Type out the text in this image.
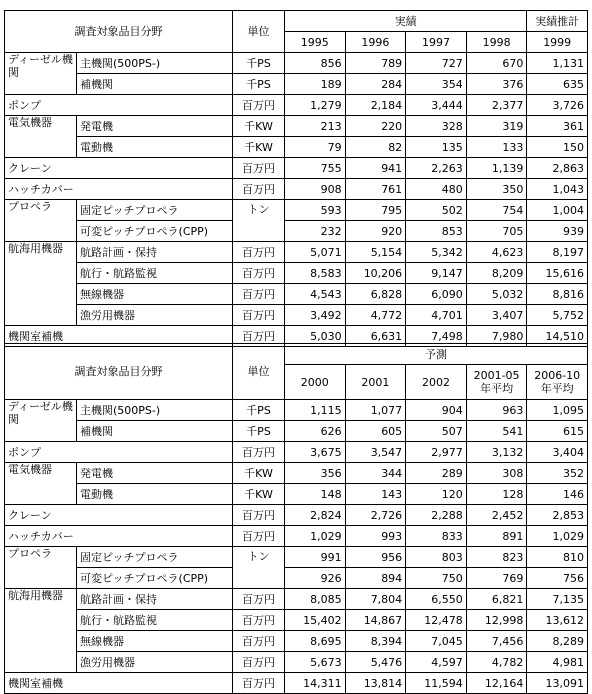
調査対象品目分野		単位	実績				実績推計
			1995	1996	1997	1998	1999
ディーゼル機関	主機関(500PS-)	千PS	856	789	727	670	1,131
	補機関	千PS	189	284	354	376	635
ポンプ		百万円	1,279	2,184	3,444	2,377	3,726
電気機器	発電機	千KW	213	220	328	319	361
	電動機	千KW	79	82	135	133	150
クレーン		百万円	755	941	2,263	1,139	2,863
ハッチカバー		百万円	908	761	480	350	1,043
プロペラ	固定ピッチプロペラ	トン	593	795	502	754	1,004
	可変ピッチプロペラ(CPP)		232	920	853	705	939
航海用機器	航路計画・保持	百万円	5,071	5,154	5,342	4,623	8,197
	航行・航路監視	百万円	8,583	10,206	9,147	8,209	15,616
	無線機器	百万円	4,543	6,828	6,090	5,032	8,816
	漁労用機器	百万円	3,492	4,772	4,701	3,407	5,752
機関室補機		百万円	5,030	6,631	7,498	7,980	14,510
調査対象品目分野		単位	予測				
			2000	2001	2002	2001-05年平均	2006-10年平均
ディーゼル機関	主機関(500PS-)	千PS	1,115	1,077	904	963	1,095
	補機関	千PS	626	605	507	541	615
ポンプ		百万円	3,675	3,547	2,977	3,132	3,404
電気機器	発電機	千KW	356	344	289	308	352
	電動機	千KW	148	143	120	128	146
クレーン		百万円	2,824	2,726	2,288	2,452	2,853
ハッチカバー		百万円	1,029	993	833	891	1,029
プロペラ	固定ピッチプロペラ	トン	991	956	803	823	810
	可変ピッチプロペラ(CPP)		926	894	750	769	756
航海用機器	航路計画・保持	百万円	8,085	7,804	6,550	6,821	7,135
	航行・航路監視	百万円	15,402	14,867	12,478	12,998	13,612
	無線機器	百万円	8,695	8,394	7,045	7,456	8,289
	漁労用機器	百万円	5,673	5,476	4,597	4,782	4,981
機関室補機		百万円	14,311	13,814	11,594	12,164	13,091
